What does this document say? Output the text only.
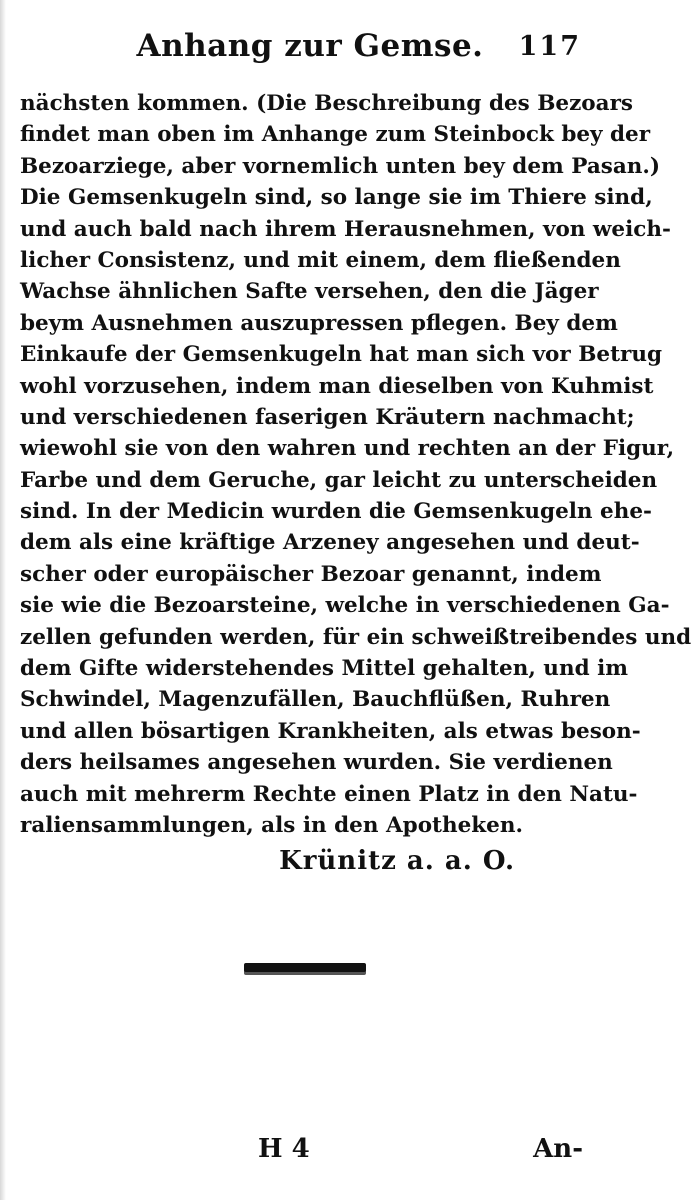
Anhang zur Gemse.	117
nächsten kommen. (Die Beschreibung des Bezoars
findet man oben im Anhange zum Steinbock bey der
Bezoarziege, aber vornemlich unten bey dem Pasan.)
Die Gemsenkugeln sind, so lange sie im Thiere sind,
und auch bald nach ihrem Herausnehmen, von weich-
licher Consistenz, und mit einem, dem fließenden
Wachse ähnlichen Safte versehen, den die Jäger
beym Ausnehmen auszupressen pflegen. Bey dem
Einkaufe der Gemsenkugeln hat man sich vor Betrug
wohl vorzusehen, indem man dieselben von Kuhmist
und verschiedenen faserigen Kräutern nachmacht;
wiewohl sie von den wahren und rechten an der Figur,
Farbe und dem Geruche, gar leicht zu unterscheiden
sind. In der Medicin wurden die Gemsenkugeln ehe-
dem als eine kräftige Arzeney angesehen und deut-
scher oder europäischer Bezoar genannt, indem
sie wie die Bezoarsteine, welche in verschiedenen Ga-
zellen gefunden werden, für ein schweißtreibendes und
dem Gifte widerstehendes Mittel gehalten, und im
Schwindel, Magenzufällen, Bauchflüßen, Ruhren
und allen bösartigen Krankheiten, als etwas beson-
ders heilsames angesehen wurden. Sie verdienen
auch mit mehrerm Rechte einen Platz in den Natu-
raliensammlungen, als in den Apotheken.
Krünitz a. a. O.
H 4	An-
